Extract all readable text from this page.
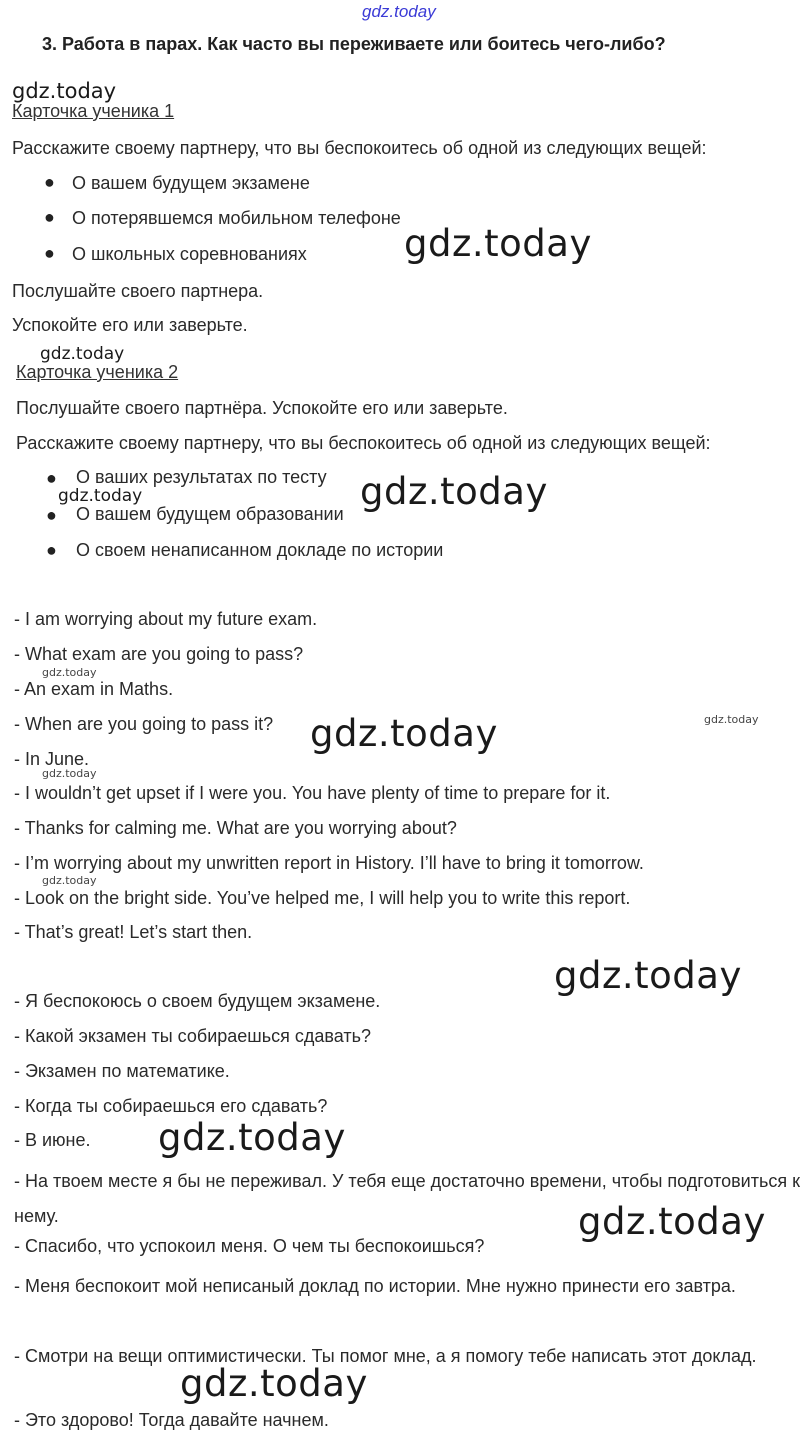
gdz.today
3. Работа в парах. Как часто вы переживаете или боитесь чего-либо?
gdz.today
Карточка ученика 1
Расскажите своему партнеру, что вы беспокоитесь об одной из следующих вещей:
● О вашем будущем экзамене
● О потерявшемся мобильном телефоне
● О школьных соревнованиях	gdz.today
Послушайте своего партнера.
Успокойте его или заверьте.
gdz.today
Карточка ученика 2
Послушайте своего партнёра. Успокойте его или заверьте.
Расскажите своему партнеру, что вы беспокоитесь об одной из следующих вещей:
● О ваших результатах по тесту
gdz.today
● О вашем будущем образовании
● О своем ненаписанном докладе по истории
gdz.today
- I am worrying about my future exam.
- What exam are you going to pass?
gdz.today
- An exam in Maths.
- When are you going to pass it? gdz.today	gdz.today
- In June.
gdz.today
- I wouldn’t get upset if I were you. You have plenty of time to prepare for it.
- Thanks for calming me. What are you worrying about?
- I’m worrying about my unwritten report in History. I’ll have to bring it tomorrow.
gdz.today
- Look on the bright side. You’ve helped me, I will help you to write this report.
- That’s great! Let’s start then.
gdz.today
- Я беспокоюсь о своем будущем экзамене.
- Какой экзамен ты собираешься сдавать?
- Экзамен по математике.
- Когда ты собираешься его сдавать?
- В июне. gdz.today
- На твоем месте я бы не переживал. У тебя еще достаточно времени, чтобы подготовиться к нему.	gdz.today
- Спасибо, что успокоил меня. О чем ты беспокоишься?
- Меня беспокоит мой неписаный доклад по истории. Мне нужно принести его завтра.
- Смотри на вещи оптимистически. Ты помог мне, а я помогу тебе написать этот доклад.
gdz.today
- Это здорово! Тогда давайте начнем.
